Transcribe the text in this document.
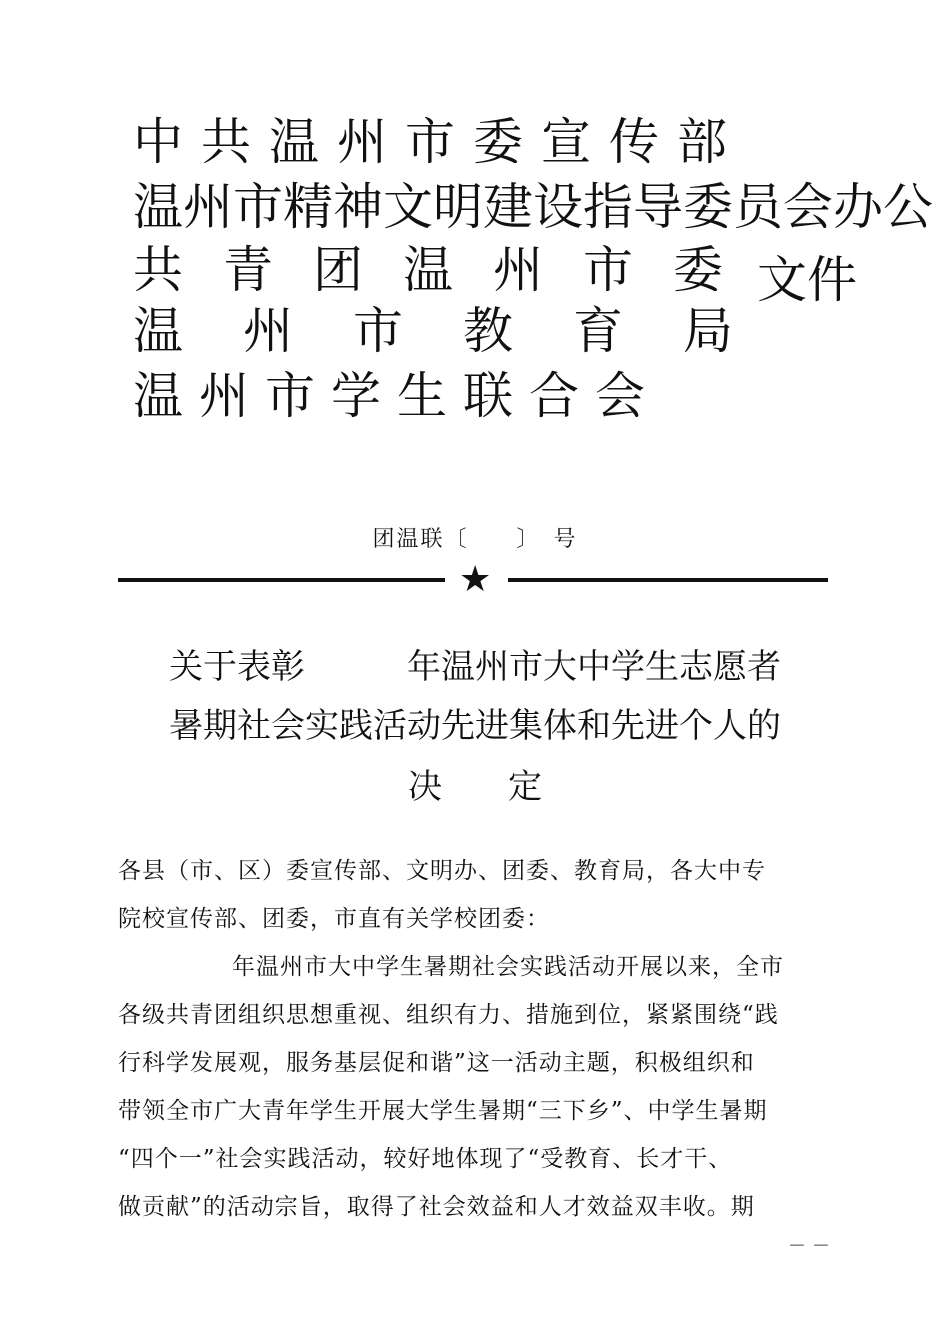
中共温州市委宣传部
温州市精神文明建设指导委员会办公
共青团温州市委
温州市教育局
温州市学生联合会
文件
团温联〔　　〕　号
★
关于表彰　　　年温州市大中学生志愿者
暑期社会实践活动先进集体和先进个人的
决定
各县（市、区）委宣传部、文明办、团委、教育局，各大中专
院校宣传部、团委，市直有关学校团委：
年温州市大中学生暑期社会实践活动开展以来，全市
各级共青团组织思想重视、组织有力、措施到位，紧紧围绕“践
行科学发展观，服务基层促和谐”这一活动主题，积极组织和
带领全市广大青年学生开展大学生暑期“三下乡”、中学生暑期
“四个一”社会实践活动，较好地体现了“受教育、长才干、
做贡献”的活动宗旨，取得了社会效益和人才效益双丰收。期
－－
